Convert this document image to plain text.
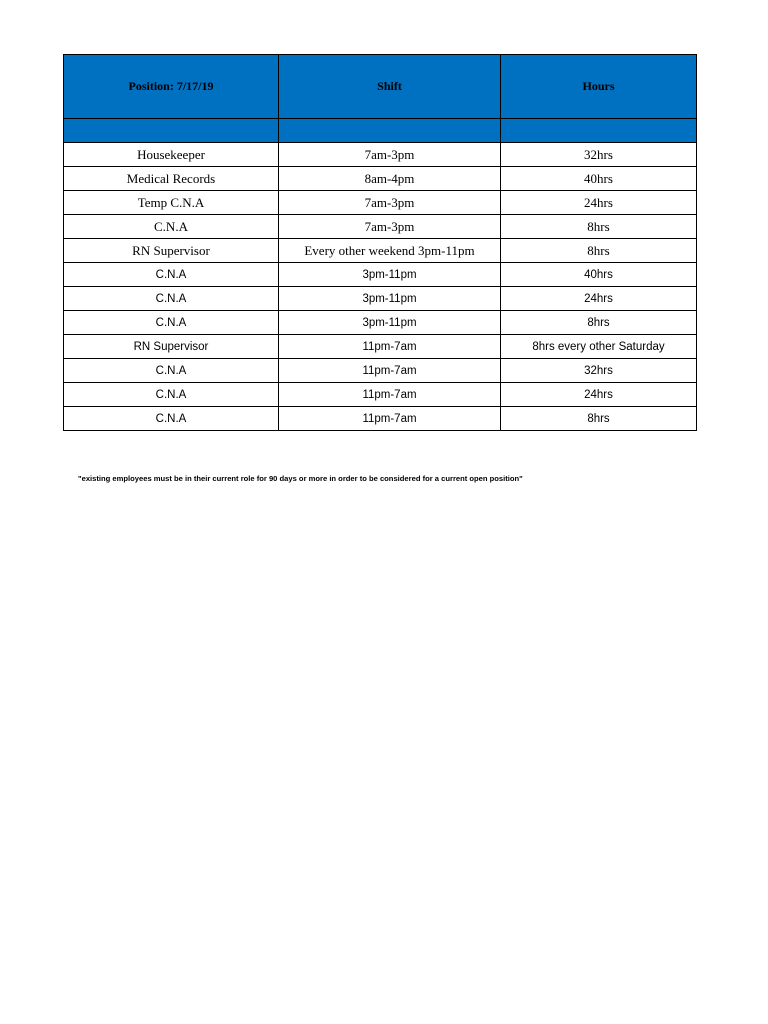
Position: 7/17/19	Shift	Hours

Housekeeper	7am-3pm	32hrs
Medical Records	8am-4pm	40hrs
Temp C.N.A	7am-3pm	24hrs
C.N.A	7am-3pm	8hrs
RN Supervisor	Every other weekend 3pm-11pm	8hrs
C.N.A	3pm-11pm	40hrs
C.N.A	3pm-11pm	24hrs
C.N.A	3pm-11pm	8hrs
RN Supervisor	11pm-7am	8hrs every other Saturday
C.N.A	11pm-7am	32hrs
C.N.A	11pm-7am	24hrs
C.N.A	11pm-7am	8hrs
"existing employees must be in their current role for 90 days or more in order to be considered for a current open position"
